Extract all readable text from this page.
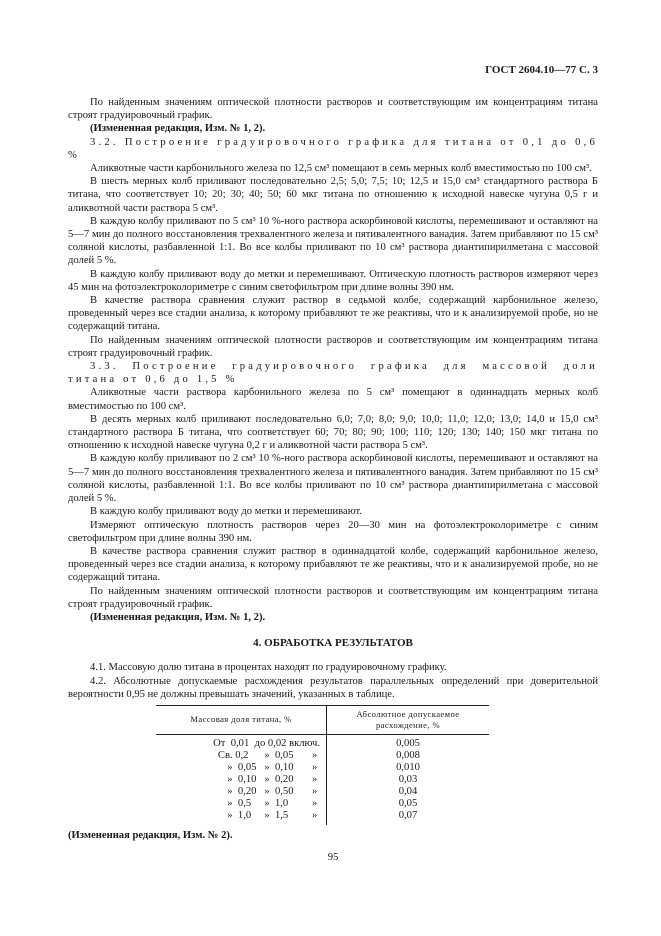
ГОСТ 2604.10—77 С. 3

По найденным значениям оптической плотности растворов и соответствующим им концентрациям титана строят градуировочный график.

(Измененная редакция, Изм. № 1, 2).

3.2. Построение градуировочного графика для титана от 0,1 до 0,6 %

Аликвотные части карбонильного железа по 12,5 см³ помещают в семь мерных колб вместимостью по 100 см³.

В шесть мерных колб приливают последовательно 2,5; 5,0; 7,5; 10; 12,5 и 15,0 см³ стандартного раствора Б титана, что соответствует 10; 20; 30; 40; 50; 60 мкг титана по отношению к исходной навеске чугуна 0,5 г и аликвотной части раствора 5 см³.

В каждую колбу приливают по 5 см³ 10 %-ного раствора аскорбиновой кислоты, перемешивают и оставляют на 5—7 мин до полного восстановления трехвалентного железа и пятивалентного ванадия. Затем прибавляют по 15 см³ соляной кислоты, разбавленной 1:1. Во все колбы приливают по 10 см³ раствора диантипирилметана с массовой долей 5 %.

В каждую колбу приливают воду до метки и перемешивают. Оптическую плотность растворов измеряют через 45 мин на фотоэлектроколориметре с синим светофильтром при длине волны 390 нм.

В качестве раствора сравнения служит раствор в седьмой колбе, содержащий карбонильное железо, проведенный через все стадии анализа, к которому прибавляют те же реактивы, что и к анализируемой пробе, но не содержащий титана.

По найденным значениям оптической плотности растворов и соответствующим им концентрациям титана строят градуировочный график.

3.3. Построение градуировочного графика для массовой доли титана от 0,6 до 1,5 %

Аликвотные части раствора карбонильного железа по 5 см³ помещают в одиннадцать мерных колб вместимостью по 100 см³.

В десять мерных колб приливают последовательно 6,0; 7,0; 8,0; 9,0; 10,0; 11,0; 12,0; 13,0; 14,0 и 15,0 см³ стандартного раствора Б титана, что соответствует 60; 70; 80; 90; 100; 110; 120; 130; 140; 150 мкг титана по отношению к исходной навеске чугуна 0,2 г и аликвотной части раствора 5 см³.

В каждую колбу приливают по 2 см³ 10 %-ного раствора аскорбиновой кислоты, перемешивают и оставляют на 5—7 мин до полного восстановления трехвалентного железа и пятивалентного ванадия. Затем прибавляют по 15 см³ соляной кислоты, разбавленной 1:1. Во все колбы приливают по 10 см³ раствора диантипирилметана с массовой долей 5 %.

В каждую колбу приливают воду до метки и перемешивают.

Измеряют оптическую плотность растворов через 20—30 мин на фотоэлектроколориметре с синим светофильтром при длине волны 390 нм.

В качестве раствора сравнения служит раствор в одиннадцатой колбе, содержащий карбонильное железо, проведенный через все стадии анализа, к которому прибавляют те же реактивы, что и к анализируемой пробе, но не содержащий титана.

По найденным значениям оптической плотности растворов и соответствующим им концентрациям титана строят градуировочный график.

(Измененная редакция, Изм. № 1, 2).

4. ОБРАБОТКА РЕЗУЛЬТАТОВ

4.1. Массовую долю титана в процентах находят по градуировочному графику.

4.2. Абсолютные допускаемые расхождения результатов параллельных определений при доверительной вероятности 0,95 не должны превышать значений, указанных в таблице.

Массовая доля титана, %	Абсолютное допускаемое расхождение, %
От  0,01  до 0,02 включ.	0,005
Св. 0,2      »  0,05       »	0,008
»  0,05   »  0,10       »	0,010
»  0,10   »  0,20       »	0,03
»  0,20   »  0,50       »	0,04
»  0,5     »  1,0         »	0,05
»  1,0     »  1,5         »	0,07

(Измененная редакция, Изм. № 2).

95
